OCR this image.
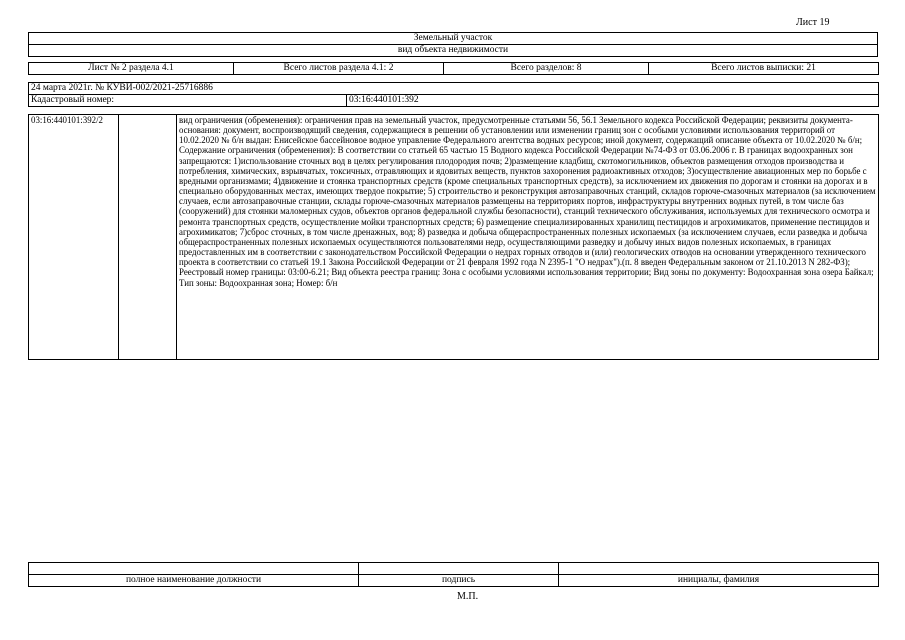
Лист 19
Земельный участок
вид объекта недвижимости
Лист № 2 раздела 4.1	Всего листов раздела 4.1: 2	Всего разделов: 8	Всего листов выписки: 21
24 марта 2021г. № КУВИ-002/2021-25716886
Кадастровый номер:	03:16:440101:392
03:16:440101:392/2		вид ограничения (обременения): ограничения прав на земельный участок, предусмотренные статьями 56, 56.1 Земельного кодекса Российской Федерации; реквизиты документа-основания: документ, воспроизводящий сведения, содержащиеся в решении об установлении или изменении границ зон с особыми условиями использования территорий от 10.02.2020 № б/н выдан: Енисейское бассейновое водное управление Федерального агентства водных ресурсов; иной документ, содержащий описание объекта от 10.02.2020 № б/н; Содержание ограничения (обременения): В соответствии со статьей 65 частью 15 Водного кодекса Российской Федерации №74-ФЗ от 03.06.2006 г. В границах водоохранных зон запрещаются: 1)использование сточных вод в целях регулирования плодородия почв; 2)размещение кладбищ, скотомогильников, объектов размещения отходов производства и потребления, химических, взрывчатых, токсичных, отравляющих и ядовитых веществ, пунктов захоронения радиоактивных отходов; 3)осуществление авиационных мер по борьбе с вредными организмами; 4)движение и стоянка транспортных средств (кроме специальных транспортных средств), за исключением их движения по дорогам и стоянки на дорогах и в специально оборудованных местах, имеющих твердое покрытие; 5) строительство и реконструкция автозаправочных станций, складов горюче-смазочных материалов (за исключением случаев, если автозаправочные станции, склады горюче-смазочных материалов размещены на территориях портов, инфраструктуры внутренних водных путей, в том числе баз (сооружений) для стоянки маломерных судов, объектов органов федеральной службы безопасности), станций технического обслуживания, используемых для технического осмотра и ремонта транспортных средств, осуществление мойки транспортных средств; 6) размещение специализированных хранилищ пестицидов и агрохимикатов, применение пестицидов и агрохимикатов; 7)сброс сточных, в том числе дренажных, вод; 8) разведка и добыча общераспространенных полезных ископаемых (за исключением случаев, если разведка и добыча общераспространенных полезных ископаемых осуществляются пользователями недр, осуществляющими разведку и добычу иных видов полезных ископаемых, в границах предоставленных им в соответствии с законодательством Российской Федерации о недрах горных отводов и (или) геологических отводов на основании утвержденного технического проекта в соответствии со статьей 19.1 Закона Российской Федерации от 21 февраля 1992 года N 2395-1 "О недрах").(п. 8 введен Федеральным законом от 21.10.2013 N 282-ФЗ); Реестровый номер границы: 03:00-6.21; Вид объекта реестра границ: Зона с особыми условиями использования территории; Вид зоны по документу: Водоохранная зона озера Байкал; Тип зоны: Водоохранная зона; Номер: б/н

полное наименование должности	подпись	инициалы, фамилия
М.П.
